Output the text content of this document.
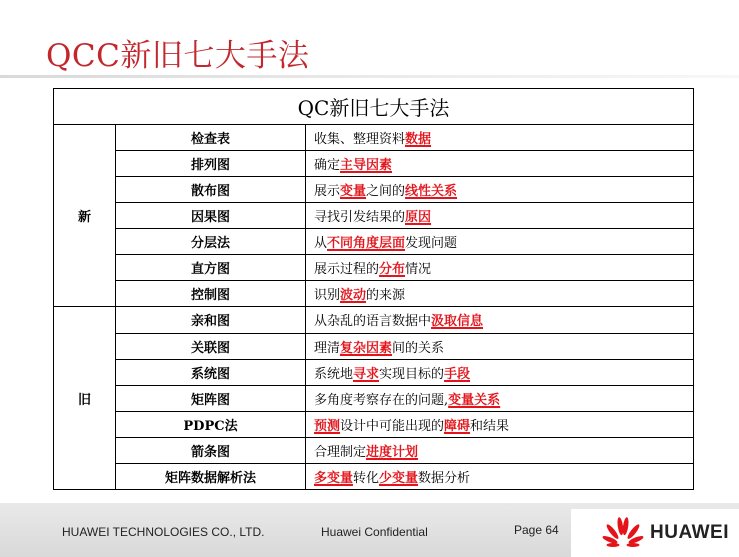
QCC新旧七大手法
QC新旧七大手法		
新	检查表	收集、整理资料数据
	排列图	确定主导因素
	散布图	展示变量之间的线性关系
	因果图	寻找引发结果的原因
	分层法	从不同角度层面发现问题
	直方图	展示过程的分布情况
	控制图	识别波动的来源
旧	亲和图	从杂乱的语言数据中汲取信息
	关联图	理清复杂因素间的关系
	系统图	系统地寻求实现目标的手段
	矩阵图	多角度考察存在的问题,变量关系
	PDPC法	预测设计中可能出现的障碍和结果
	箭条图	合理制定进度计划
	矩阵数据解析法	多变量转化少变量数据分析
HUAWEI TECHNOLOGIES CO., LTD.	Huawei Confidential	Page 64	HUAWEI
